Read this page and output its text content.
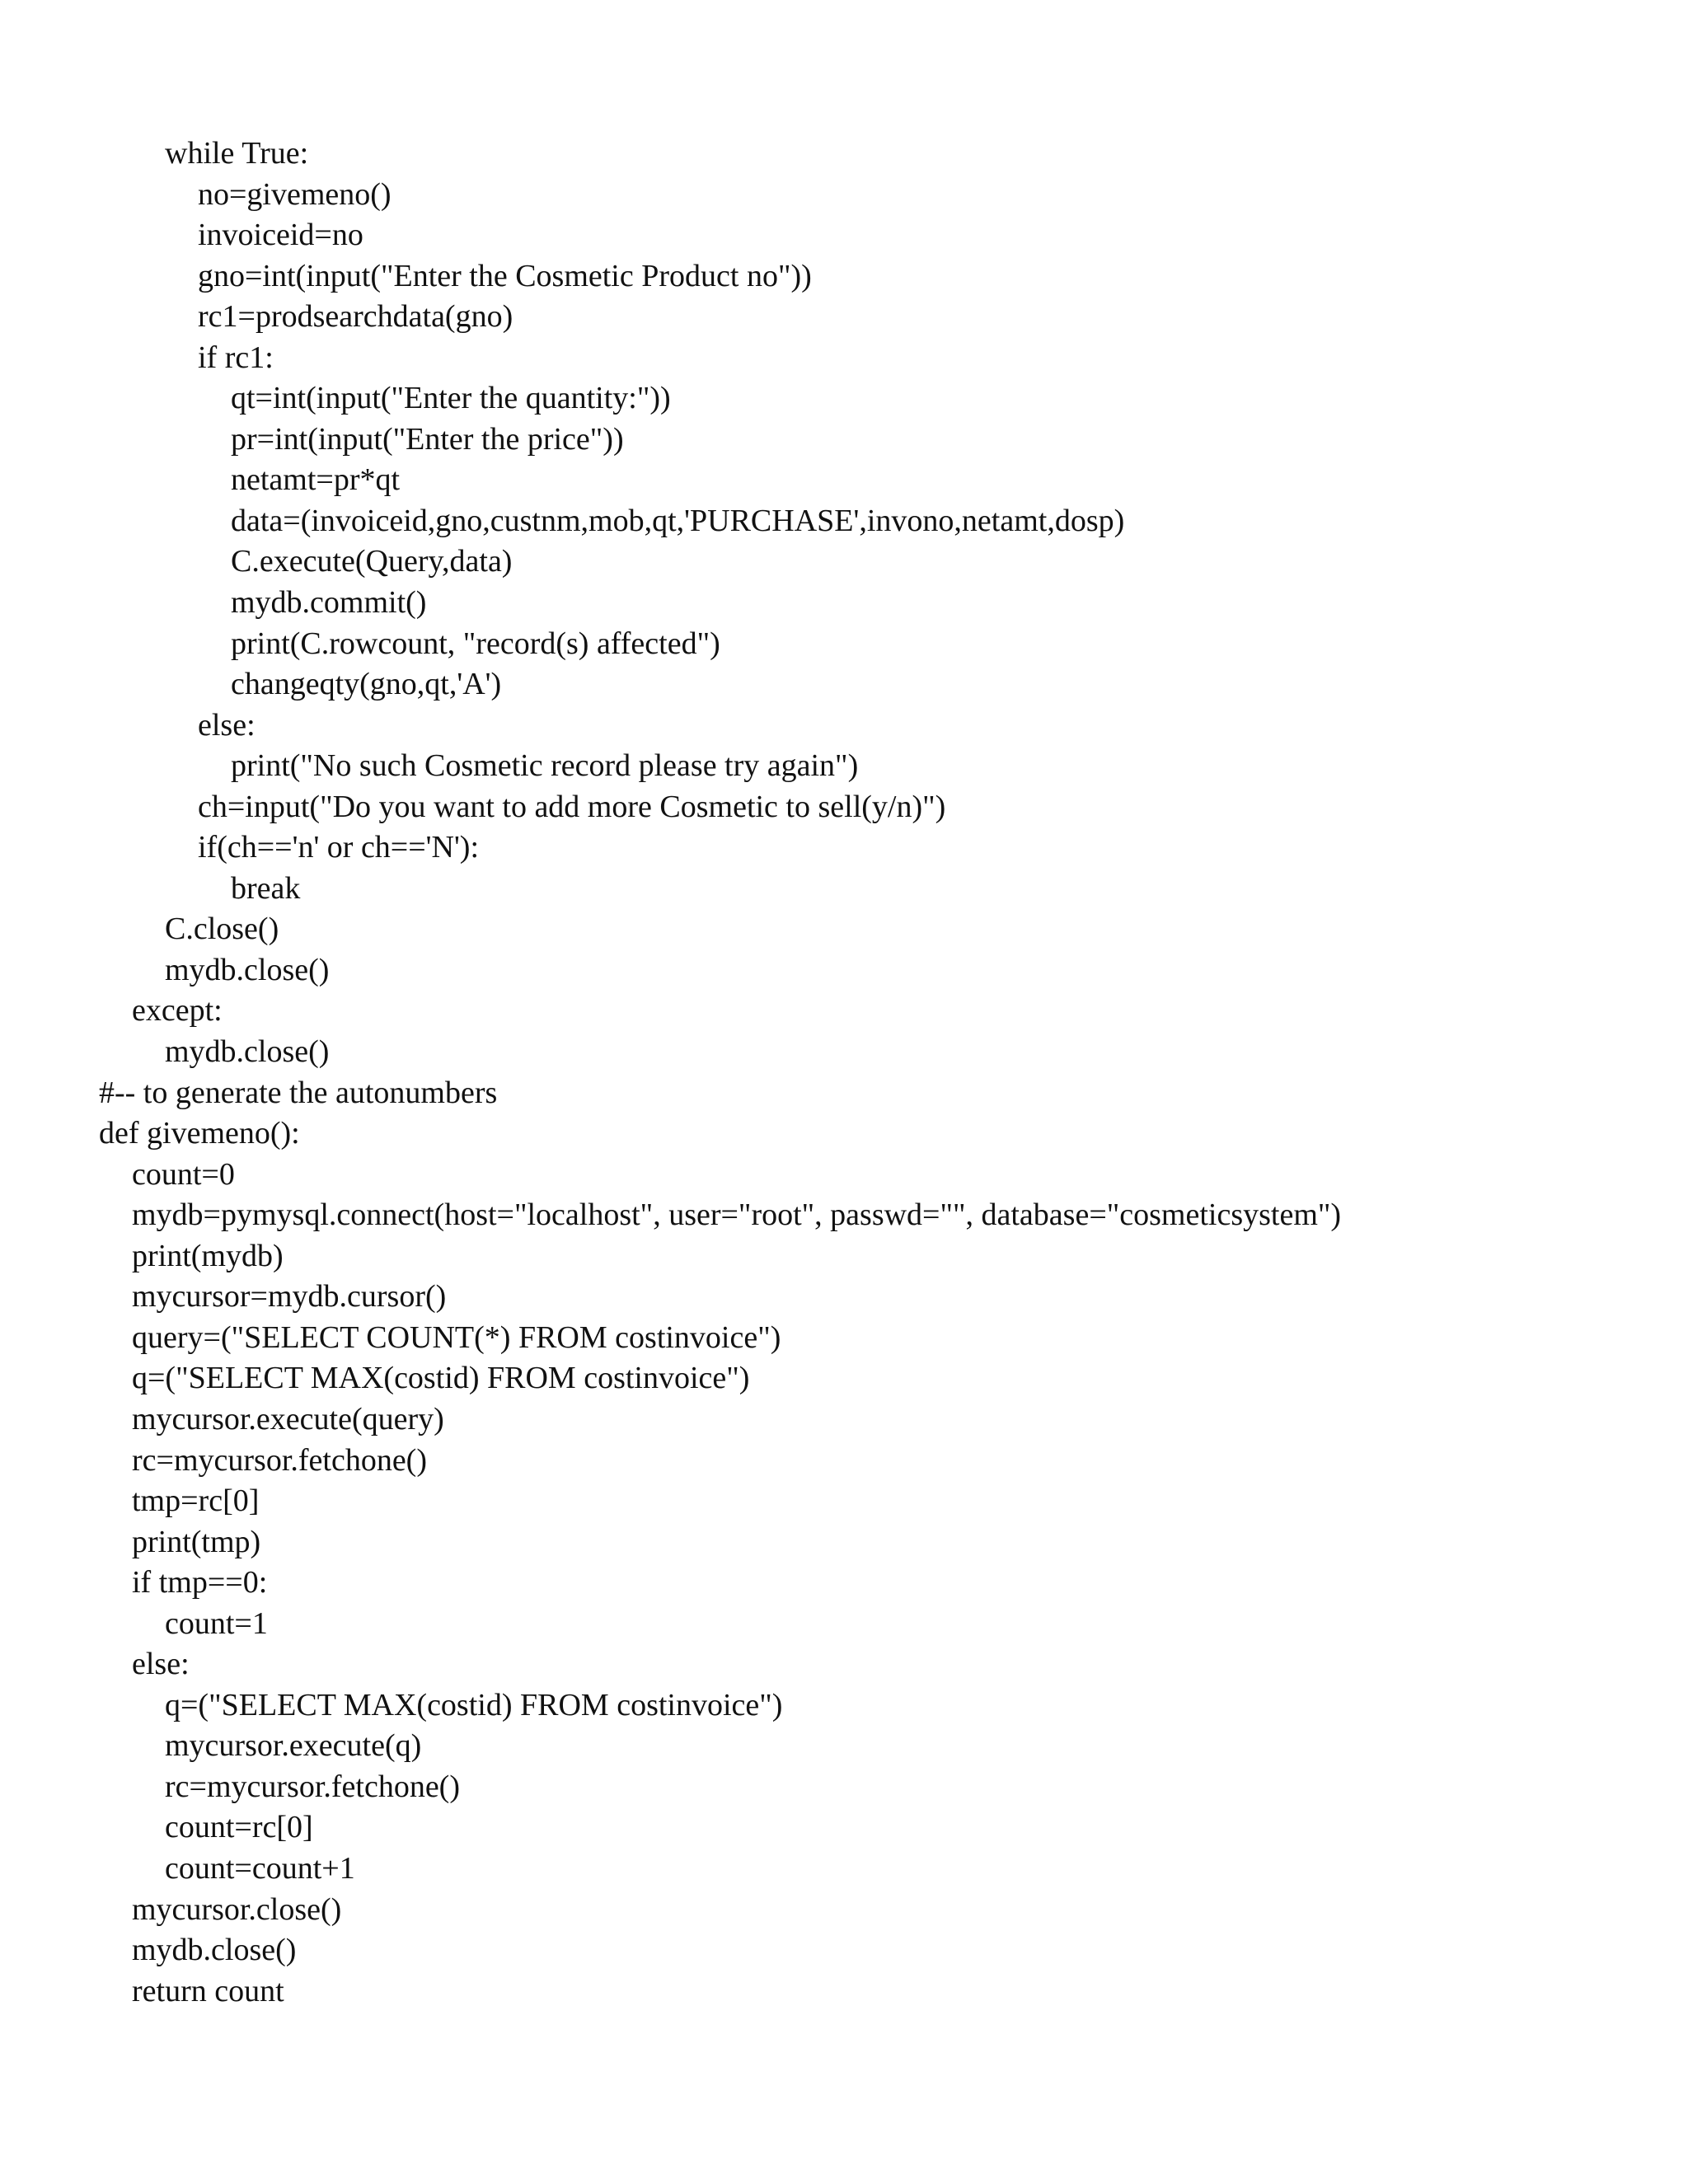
while True:
no=givemeno()
invoiceid=no
gno=int(input("Enter the Cosmetic Product no"))
rc1=prodsearchdata(gno)
if rc1:
qt=int(input("Enter the quantity:"))
pr=int(input("Enter the price"))
netamt=pr*qt
data=(invoiceid,gno,custnm,mob,qt,'PURCHASE',invono,netamt,dosp)
C.execute(Query,data)
mydb.commit()
print(C.rowcount, "record(s) affected")
changeqty(gno,qt,'A')
else:
print("No such Cosmetic record please try again")
ch=input("Do you want to add more Cosmetic to sell(y/n)")
if(ch=='n' or ch=='N'):
break
C.close()
mydb.close()
except:
mydb.close()
#-- to generate the autonumbers
def givemeno():
count=0
mydb=pymysql.connect(host="localhost", user="root", passwd="", database="cosmeticsystem")
print(mydb)
mycursor=mydb.cursor()
query=("SELECT COUNT(*) FROM costinvoice")
q=("SELECT MAX(costid) FROM costinvoice")
mycursor.execute(query)
rc=mycursor.fetchone()
tmp=rc[0]
print(tmp)
if tmp==0:
count=1
else:
q=("SELECT MAX(costid) FROM costinvoice")
mycursor.execute(q)
rc=mycursor.fetchone()
count=rc[0]
count=count+1
mycursor.close()
mydb.close()
return count
